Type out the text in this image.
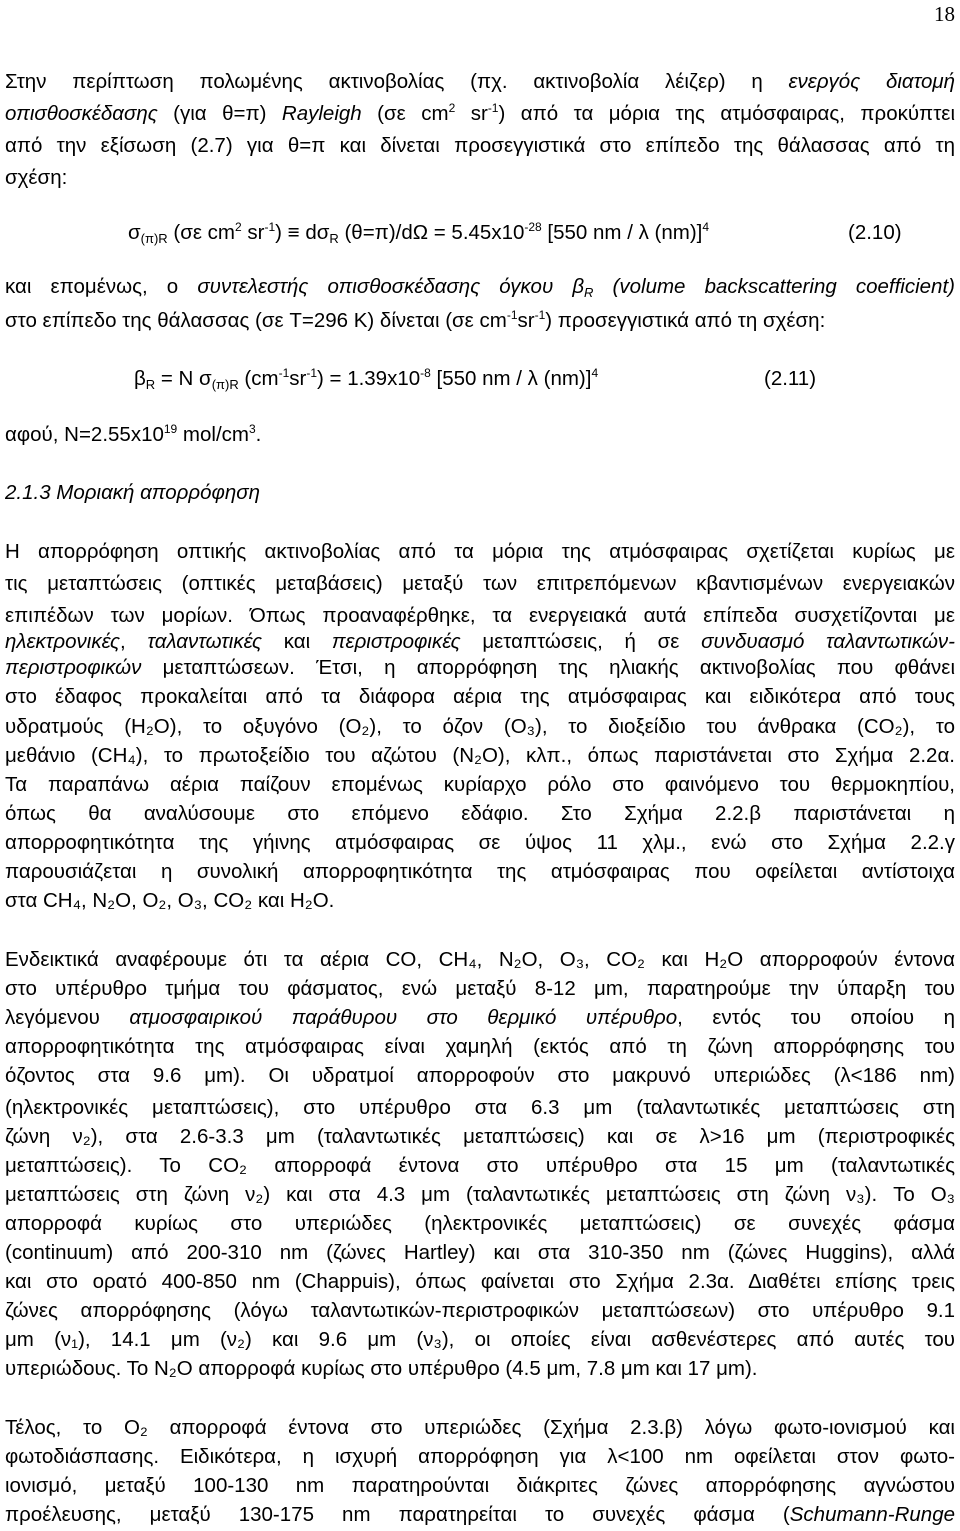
18
Στην περίπτωση πολωμένης ακτινοβολίας (πχ. ακτινοβολία λέιζερ) η ενεργός διατομή
οπισθοσκέδασης (για θ=π) Rayleigh (σε $cm^2$ $sr^{-1}$) από τα μόρια της ατμόσφαιρας, προκύπτει
από την εξίσωση (2.7) για θ=π και δίνεται προσεγγιστικά στο επίπεδο της θάλασσας από τη
σχέση:
$\sigma_{(\pi)R}$ (σε $cm^2$ $sr^{-1}) \equiv d\sigma_R$ $(\theta=\pi)/d\Omega = 5.45x10^{-28}$ [550 nm / λ (nm)]$^4$	(2.10)
και επομένως, ο συντελεστής οπισθοσκέδασης όγκου $\beta_R$ (volume backscattering coefficient)
στο επίπεδο της θάλασσας (σε T=296 K) δίνεται (σε $cm^{-1}sr^{-1}$) προσεγγιστικά από τη σχέση:
$\beta_R = N$ $\sigma_{(\pi)R}$ $(cm^{-1}sr^{-1}) = 1.39x10^{-8}$ [550 nm / λ (nm)]$^4$	(2.11)
αφού, $N=2.55x10^{19}$ mol/$cm^3$.
2.1.3 Μοριακή απορρόφηση
Η απορρόφηση οπτικής ακτινοβολίας από τα μόρια της ατμόσφαιρας σχετίζεται κυρίως με
τις μεταπτώσεις (οπτικές μεταβάσεις) μεταξύ των επιτρεπόμενων κβαντισμένων ενεργειακών
επιπέδων των μορίων. Όπως προαναφέρθηκε, τα ενεργειακά αυτά επίπεδα συσχετίζονται με
ηλεκτρονικές, ταλαντωτικές και περιστροφικές μεταπτώσεις, ή σε συνδυασμό ταλαντωτικών-
περιστροφικών μεταπτώσεων. Έτσι, η απορρόφηση της ηλιακής ακτινοβολίας που φθάνει
στο έδαφος προκαλείται από τα διάφορα αέρια της ατμόσφαιρας και ειδικότερα από τους
υδρατμούς (H₂O), το οξυγόνο (O₂), το όζον (O₃), το διοξείδιο του άνθρακα (CO₂), το
μεθάνιο (CH₄), το πρωτοξείδιο του αζώτου (N₂O), κλπ., όπως παριστάνεται στο Σχήμα 2.2α.
Τα παραπάνω αέρια παίζουν επομένως κυρίαρχο ρόλο στο φαινόμενο του θερμοκηπίου,
όπως θα αναλύσουμε στο επόμενο εδάφιο. Στο Σχήμα 2.2.β παριστάνεται η
απορροφητικότητα της γήινης ατμόσφαιρας σε ύψος 11 χλμ., ενώ στο Σχήμα 2.2.γ
παρουσιάζεται η συνολική απορροφητικότητα της ατμόσφαιρας που οφείλεται αντίστοιχα
στα CH₄, N₂O, O₂, O₃, CO₂ και H₂O.
Ενδεικτικά αναφέρουμε ότι τα αέρια CO, CH₄, N₂O, O₃, CO₂ και H₂O απορροφούν έντονα
στο υπέρυθρο τμήμα του φάσματος, ενώ μεταξύ 8-12 μm, παρατηρούμε την ύπαρξη του
λεγόμενου ατμοσφαιρικού παράθυρου στο θερμικό υπέρυθρο, εντός του οποίου η
απορροφητικότητα της ατμόσφαιρας είναι χαμηλή (εκτός από τη ζώνη απορρόφησης του
όζοντος στα 9.6 μm). Οι υδρατμοί απορροφούν στο μακρυνό υπεριώδες (λ<186 nm)
(ηλεκτρονικές μεταπτώσεις), στο υπέρυθρο στα 6.3 μm (ταλαντωτικές μεταπτώσεις στη
ζώνη ν₂), στα 2.6-3.3 μm (ταλαντωτικές μεταπτώσεις) και σε λ>16 μm (περιστροφικές
μεταπτώσεις). Το CO₂ απορροφά έντονα στο υπέρυθρο στα 15 μm (ταλαντωτικές
μεταπτώσεις στη ζώνη ν₂) και στα 4.3 μm (ταλαντωτικές μεταπτώσεις στη ζώνη ν₃). Το O₃
απορροφά κυρίως στο υπεριώδες (ηλεκτρονικές μεταπτώσεις) σε συνεχές φάσμα
(continuum) από 200-310 nm (ζώνες Hartley) και στα 310-350 nm (ζώνες Huggins), αλλά
και στο ορατό 400-850 nm (Chappuis), όπως φαίνεται στο Σχήμα 2.3α. Διαθέτει επίσης τρεις
ζώνες απορρόφησης (λόγω ταλαντωτικών-περιστροφικών μεταπτώσεων) στο υπέρυθρο 9.1
μm (ν₁), 14.1 μm (ν₂) και 9.6 μm (ν₃), οι οποίες είναι ασθενέστερες από αυτές του
υπεριώδους. Το N₂O απορροφά κυρίως στο υπέρυθρο (4.5 μm, 7.8 μm και 17 μm).
Τέλος, το O₂ απορροφά έντονα στο υπεριώδες (Σχήμα 2.3.β) λόγω φωτο-ιονισμού και
φωτοδιάσπασης. Ειδικότερα, η ισχυρή απορρόφηση για λ<100 nm οφείλεται στον φωτο-
ιονισμό, μεταξύ 100-130 nm παρατηρούνται διάκριτες ζώνες απορρόφησης αγνώστου
προέλευσης, μεταξύ 130-175 nm παρατηρείται το συνεχές φάσμα (Schumann-Runge
